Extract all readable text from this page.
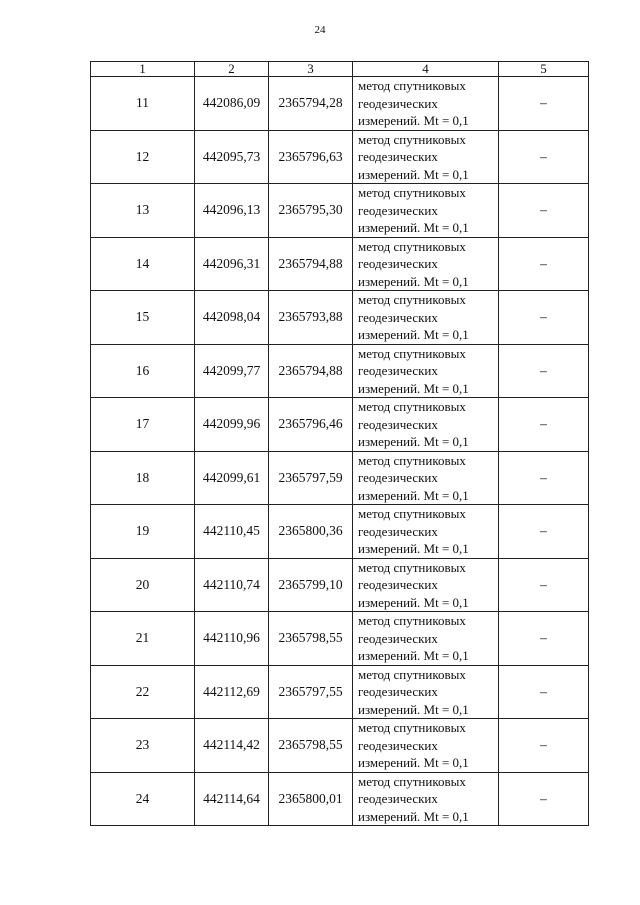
24
1	2	3	4	5
11	442086,09	2365794,28	метод спутниковых
геодезических
измерений. Mt = 0,1	–
12	442095,73	2365796,63	метод спутниковых
геодезических
измерений. Mt = 0,1	–
13	442096,13	2365795,30	метод спутниковых
геодезических
измерений. Mt = 0,1	–
14	442096,31	2365794,88	метод спутниковых
геодезических
измерений. Mt = 0,1	–
15	442098,04	2365793,88	метод спутниковых
геодезических
измерений. Mt = 0,1	–
16	442099,77	2365794,88	метод спутниковых
геодезических
измерений. Mt = 0,1	–
17	442099,96	2365796,46	метод спутниковых
геодезических
измерений. Mt = 0,1	–
18	442099,61	2365797,59	метод спутниковых
геодезических
измерений. Mt = 0,1	–
19	442110,45	2365800,36	метод спутниковых
геодезических
измерений. Mt = 0,1	–
20	442110,74	2365799,10	метод спутниковых
геодезических
измерений. Mt = 0,1	–
21	442110,96	2365798,55	метод спутниковых
геодезических
измерений. Mt = 0,1	–
22	442112,69	2365797,55	метод спутниковых
геодезических
измерений. Mt = 0,1	–
23	442114,42	2365798,55	метод спутниковых
геодезических
измерений. Mt = 0,1	–
24	442114,64	2365800,01	метод спутниковых
геодезических
измерений. Mt = 0,1	–
